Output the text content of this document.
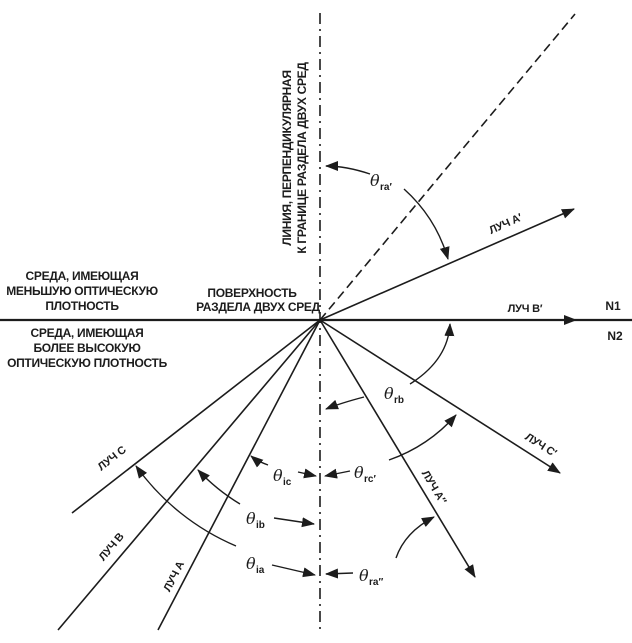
СРЕДА, ИМЕЮЩАЯ
МЕНЬШУЮ ОПТИЧЕСКУЮ
ПЛОТНОСТЬ
СРЕДА, ИМЕЮЩАЯ
БОЛЕЕ ВЫСОКУЮ
ОПТИЧЕСКУЮ ПЛОТНОСТЬ
ПОВЕРХНОСТЬ
РАЗДЕЛА ДВУХ СРЕД
ЛИНИЯ, ПЕРПЕНДИКУЛЯРНАЯ К ГРАНИЦЕ РАЗДЕЛА ДВУХ СРЕД
ЛУЧ C
ЛУЧ B
ЛУЧ A
ЛУЧ A′
ЛУЧ B′
ЛУЧ C′
ЛУЧ A″
N1
N2
θ ra′
θ rb
θ rc′
θ ra″
θ ic
θ ib
θ ia
